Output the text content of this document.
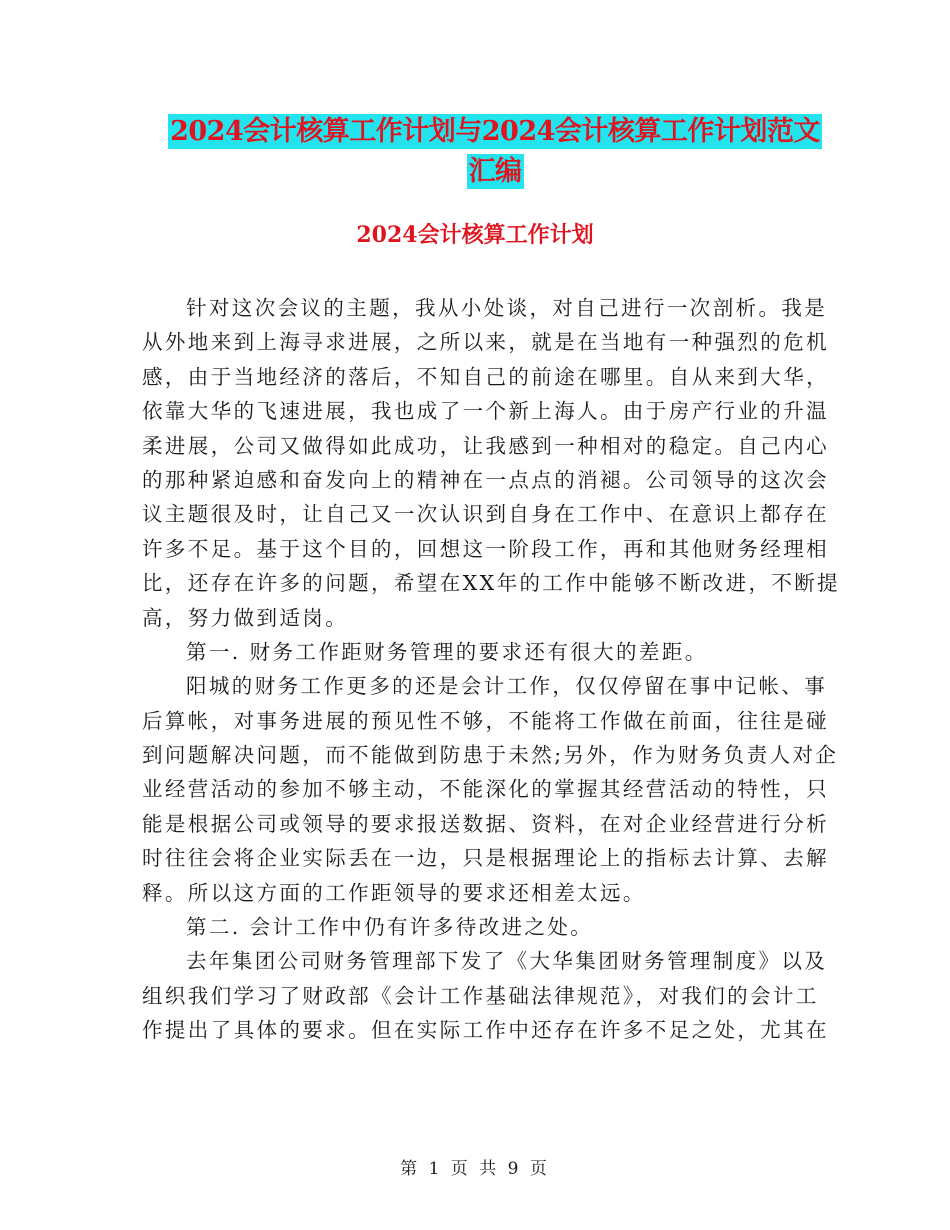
2024会计核算工作计划与2024会计核算工作计划范文
汇编
2024会计核算工作计划
针对这次会议的主题，我从小处谈，对自己进行一次剖析。我是
从外地来到上海寻求进展，之所以来，就是在当地有一种强烈的危机
感，由于当地经济的落后，不知自己的前途在哪里。自从来到大华，
依靠大华的飞速进展，我也成了一个新上海人。由于房产行业的升温
柔进展，公司又做得如此成功，让我感到一种相对的稳定。自己内心
的那种紧迫感和奋发向上的精神在一点点的消褪。公司领导的这次会
议主题很及时，让自己又一次认识到自身在工作中、在意识上都存在
许多不足。基于这个目的，回想这一阶段工作，再和其他财务经理相
比，还存在许多的问题，希望在XX年的工作中能够不断改进，不断提
高，努力做到适岗。
第一. 财务工作距财务管理的要求还有很大的差距。
阳城的财务工作更多的还是会计工作，仅仅停留在事中记帐、事
后算帐，对事务进展的预见性不够，不能将工作做在前面，往往是碰
到问题解决问题，而不能做到防患于未然;另外，作为财务负责人对企
业经营活动的参加不够主动，不能深化的掌握其经营活动的特性，只
能是根据公司或领导的要求报送数据、资料，在对企业经营进行分析
时往往会将企业实际丢在一边，只是根据理论上的指标去计算、去解
释。所以这方面的工作距领导的要求还相差太远。
第二. 会计工作中仍有许多待改进之处。
去年集团公司财务管理部下发了《大华集团财务管理制度》以及
组织我们学习了财政部《会计工作基础法律规范》，对我们的会计工
作提出了具体的要求。但在实际工作中还存在许多不足之处，尤其在
第 1 页 共 9 页
